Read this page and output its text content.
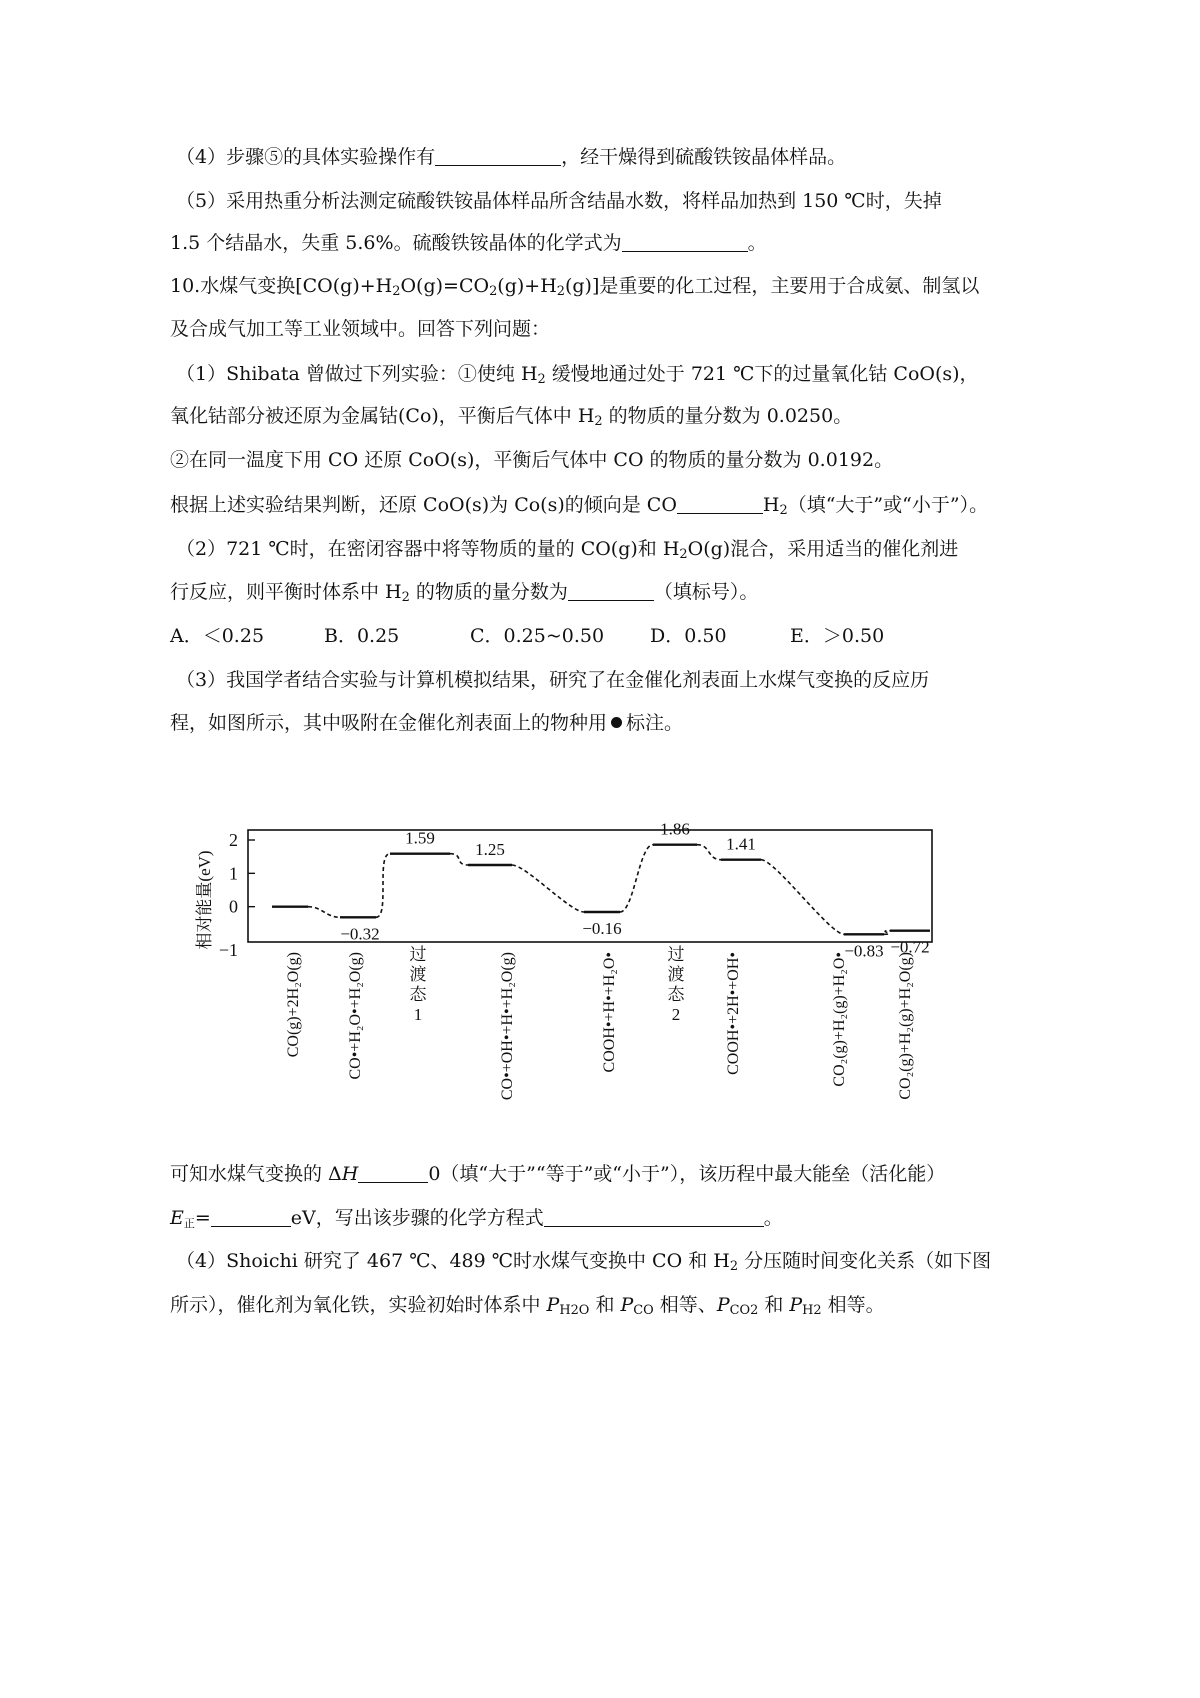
（4）步骤⑤的具体实验操作有	，经干燥得到硫酸铁铵晶体样品。
（5）采用热重分析法测定硫酸铁铵晶体样品所含结晶水数，将样品加热到 150 ℃时，失掉
1.5 个结晶水，失重 5.6%。硫酸铁铵晶体的化学式为	。
10.水煤气变换$[CO(g)+H_2O(g)=CO_2(g)+H_2(g)]$是重要的化工过程，主要用于合成氨、制氢以
及合成气加工等工业领域中。回答下列问题：
（1）Shibata 曾做过下列实验：①使纯 $H_2$ 缓慢地通过处于 721 ℃下的过量氧化钴 CoO(s)，
氧化钴部分被还原为金属钴(Co)，平衡后气体中 $H_2$ 的物质的量分数为 0.0250。
②在同一温度下用 CO 还原 CoO(s)，平衡后气体中 CO 的物质的量分数为 0.0192。
根据上述实验结果判断，还原 CoO(s)为 Co(s)的倾向是 CO	$H_2$（填“大于”或“小于”）。
（2）721 ℃时，在密闭容器中将等物质的量的 CO(g)和 $H_2O(g)$混合，采用适当的催化剂进
行反应，则平衡时体系中 $H_2$ 的物质的量分数为	（填标号）。
A．＜0.25	B．0.25	C．0.25~0.50 D．0.50	E．＞0.50
（3）我国学者结合实验与计算机模拟结果，研究了在金催化剂表面上水煤气变换的反应历
程，如图所示，其中吸附在金催化剂表面上的物种用 标注。
相对能量(eV)
2
1
0
−1
−0.32
1.59
1.25
−0.16
1.86
1.41
−0.83 −0.72
CO(g)+2H₂O(g)	CO•+H₂O•+H₂O(g)	过
渡
态
1	CO•+OH•+H•+H₂O(g)	COOH•+H•+H₂O•	过
渡
态
2	COOH•+2H•+OH•	CO₂(g)+H₂(g)+H₂O•	CO₂(g)+H₂(g)+H₂O(g)
可知水煤气变换的 ΔH	0（填“大于”“等于”或“小于”），该历程中最大能垒（活化能）
$E_正=$	eV，写出该步骤的化学方程式	。
（4）Shoichi 研究了 467 ℃、489 ℃时水煤气变换中 CO 和 $H_2$ 分压随时间变化关系（如下图
所示），催化剂为氧化铁，实验初始时体系中 $P_{H2O}$ 和 $P_{CO}$ 相等、$P_{CO2}$ 和 $P_{H2}$ 相等。
